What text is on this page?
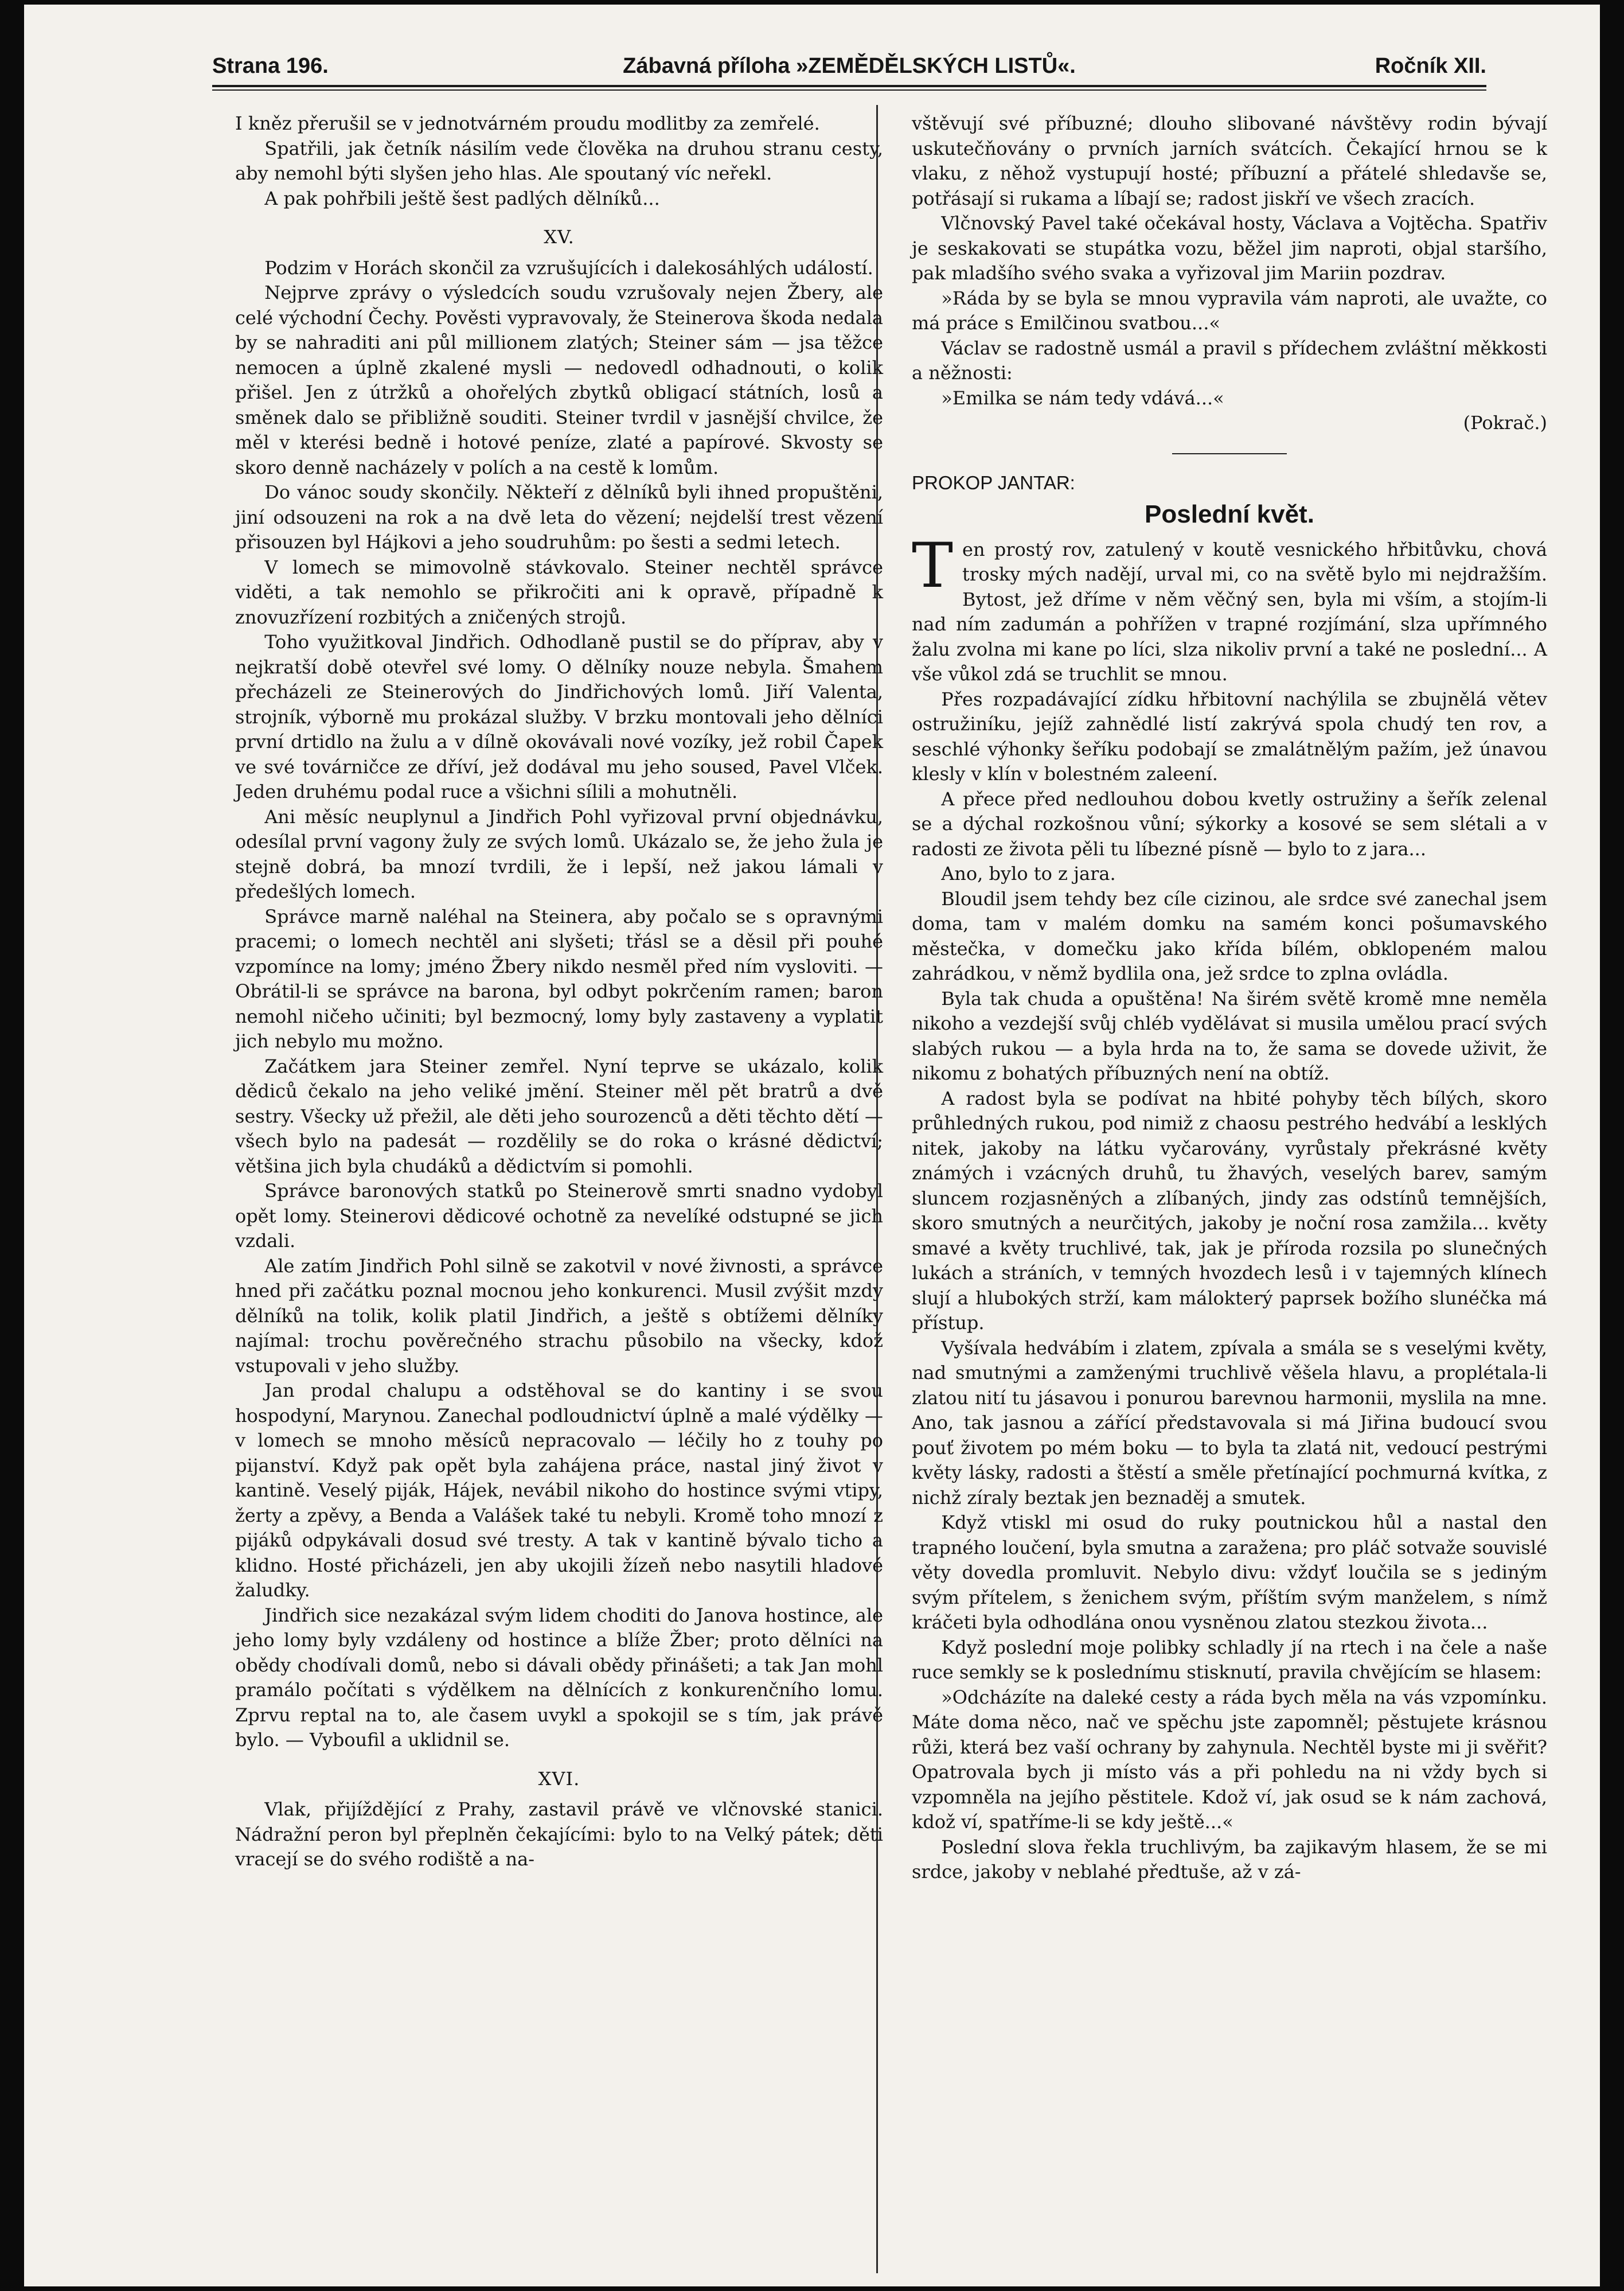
Strana 196.	Zábavná příloha »ZEMĚDĚLSKÝCH LISTŮ«.	Ročník XII.

I kněz přerušil se v jednotvárném proudu modlitby za zemřelé.

Spatřili, jak četník násilím vede člověka na druhou stranu cesty, aby nemohl býti slyšen jeho hlas. Ale spoutaný víc neřekl.

A pak pohřbili ještě šest padlých dělníků...

XV.

Podzim v Horách skončil za vzrušujících i dalekosáhlých událostí.

Nejprve zprávy o výsledcích soudu vzrušovaly nejen Žbery, ale celé východní Čechy. Pověsti vypravovaly, že Steinerova škoda nedala by se nahraditi ani půl millionem zlatých; Steiner sám — jsa těžce nemocen a úplně zkalené mysli — nedovedl odhadnouti, o kolik přišel. Jen z útržků a ohořelých zbytků obligací státních, losů a směnek dalo se přibližně souditi. Steiner tvrdil v jasnější chvilce, že měl v kterési bedně i hotové peníze, zlaté a papírové. Skvosty se skoro denně nacházely v polích a na cestě k lomům.

Do vánoc soudy skončily. Někteří z dělníků byli ihned propuštěni, jiní odsouzeni na rok a na dvě leta do vězení; nejdelší trest vězení přisouzen byl Hájkovi a jeho soudruhům: po šesti a sedmi letech.

V lomech se mimovolně stávkovalo. Steiner nechtěl správce viděti, a tak nemohlo se přikročiti ani k opravě, případně k znovuzřízení rozbitých a zničených strojů.

Toho využitkoval Jindřich. Odhodlaně pustil se do příprav, aby v nejkratší době otevřel své lomy. O dělníky nouze nebyla. Šmahem přecházeli ze Steinerových do Jindřichových lomů. Jiří Valenta, strojník, výborně mu prokázal služby. V brzku montovali jeho dělníci první drtidlo na žulu a v dílně okovávali nové vozíky, jež robil Čapek ve své továrničce ze dříví, jež dodával mu jeho soused, Pavel Vlček. Jeden druhému podal ruce a všichni sílili a mohutněli.

Ani měsíc neuplynul a Jindřich Pohl vyřizoval první objednávku, odesílal první vagony žuly ze svých lomů. Ukázalo se, že jeho žula je stejně dobrá, ba mnozí tvrdili, že i lepší, než jakou lámali v předešlých lomech.

Správce marně naléhal na Steinera, aby počalo se s opravnými pracemi; o lomech nechtěl ani slyšeti; třásl se a děsil při pouhé vzpomínce na lomy; jméno Žbery nikdo nesměl před ním vysloviti. — Obrátil-li se správce na barona, byl odbyt pokrčením ramen; baron nemohl ničeho učiniti; byl bezmocný, lomy byly zastaveny a vyplatit jich nebylo mu možno.

Začátkem jara Steiner zemřel. Nyní teprve se ukázalo, kolik dědiců čekalo na jeho veliké jmění. Steiner měl pět bratrů a dvě sestry. Všecky už přežil, ale děti jeho sourozenců a děti těchto dětí — všech bylo na padesát — rozdělily se do roka o krásné dědictví; většina jich byla chudáků a dědictvím si pomohli.

Správce baronových statků po Steinerově smrti snadno vydobyl opět lomy. Steinerovi dědicové ochotně za nevelíké odstupné se jich vzdali.

Ale zatím Jindřich Pohl silně se zakotvil v nové živnosti, a správce hned při začátku poznal mocnou jeho konkurenci. Musil zvýšit mzdy dělníků na tolik, kolik platil Jindřich, a ještě s obtížemi dělníky najímal: trochu pověrečného strachu působilo na všecky, kdož vstupovali v jeho služby.

Jan prodal chalupu a odstěhoval se do kantiny i se svou hospodyní, Marynou. Zanechal podloudnictví úplně a malé výdělky — v lomech se mnoho měsíců nepracovalo — léčily ho z touhy po pijanství. Když pak opět byla zahájena práce, nastal jiný život v kantině. Veselý piják, Hájek, nevábil nikoho do hostince svými vtipy, žerty a zpěvy, a Benda a Valášek také tu nebyli. Kromě toho mnozí z pijáků odpykávali dosud své tresty. A tak v kantině bývalo ticho a klidno. Hosté přicházeli, jen aby ukojili žízeň nebo nasytili hladové žaludky.

Jindřich sice nezakázal svým lidem choditi do Janova hostince, ale jeho lomy byly vzdáleny od hostince a blíže Žber; proto dělníci na obědy chodívali domů, nebo si dávali obědy přinášeti; a tak Jan mohl pramálo počítati s výdělkem na dělnících z konkurenčního lomu. Zprvu reptal na to, ale časem uvykl a spokojil se s tím, jak právě bylo. — Vyboufil a uklidnil se.

XVI.

Vlak, přijíždějící z Prahy, zastavil právě ve vlčnovské stanici. Nádražní peron byl přeplněn čekajícími: bylo to na Velký pátek; děti vracejí se do svého rodiště a na-

vštěvují své příbuzné; dlouho slibované návštěvy rodin bývají uskutečňovány o prvních jarních svátcích. Čekající hrnou se k vlaku, z něhož vystupují hosté; příbuzní a přátelé shledavše se, potřásají si rukama a líbají se; radost jiskří ve všech zracích.

Vlčnovský Pavel také očekával hosty, Václava a Vojtěcha. Spatřiv je seskakovati se stupátka vozu, běžel jim naproti, objal staršího, pak mladšího svého svaka a vyřizoval jim Mariin pozdrav.

»Ráda by se byla se mnou vypravila vám naproti, ale uvažte, co má práce s Emilčinou svatbou...«

Václav se radostně usmál a pravil s přídechem zvláštní měkkosti a něžnosti:

»Emilka se nám tedy vdává...«

(Pokrač.)

PROKOP JANTAR:

Poslední květ.

Ten prostý rov, zatulený v koutě vesnického hřbitůvku, chová trosky mých nadějí, urval mi, co na světě bylo mi nejdražším. Bytost, jež dříme v něm věčný sen, byla mi vším, a stojím-li nad ním zadumán a pohřížen v trapné rozjímání, slza upřímného žalu zvolna mi kane po líci, slza nikoliv první a také ne poslední... A vše vůkol zdá se truchlit se mnou.

Přes rozpadávající zídku hřbitovní nachýlila se zbujnělá větev ostružiníku, jejíž zahnědlé listí zakrývá spola chudý ten rov, a seschlé výhonky šeříku podobají se zmalátnělým pažím, jež únavou klesly v klín v bolestném zaleení.

A přece před nedlouhou dobou kvetly ostružiny a šeřík zelenal se a dýchal rozkošnou vůní; sýkorky a kosové se sem slétali a v radosti ze života pěli tu líbezné písně — bylo to z jara...

Ano, bylo to z jara.

Bloudil jsem tehdy bez cíle cizinou, ale srdce své zanechal jsem doma, tam v malém domku na samém konci pošumavského městečka, v domečku jako křída bílém, obklopeném malou zahrádkou, v němž bydlila ona, jež srdce to zplna ovládla.

Byla tak chuda a opuštěna! Na širém světě kromě mne neměla nikoho a vezdejší svůj chléb vydělávat si musila umělou prací svých slabých rukou — a byla hrda na to, že sama se dovede uživit, že nikomu z bohatých příbuzných není na obtíž.

A radost byla se podívat na hbité pohyby těch bílých, skoro průhledných rukou, pod nimiž z chaosu pestrého hedvábí a lesklých nitek, jakoby na látku vyčarovány, vyrůstaly překrásné květy známých i vzácných druhů, tu žhavých, veselých barev, samým sluncem rozjasněných a zlíbaných, jindy zas odstínů temnějších, skoro smutných a neurčitých, jakoby je noční rosa zamžila... květy smavé a květy truchlivé, tak, jak je příroda rozsila po slunečných lukách a stráních, v temných hvozdech lesů i v tajemných klínech slují a hlubokých strží, kam málokterý paprsek božího slunéčka má přístup.

Vyšívala hedvábím i zlatem, zpívala a smála se s veselými květy, nad smutnými a zamženými truchlivě věšela hlavu, a proplétala-li zlatou nití tu jásavou i ponurou barevnou harmonii, myslila na mne. Ano, tak jasnou a zářící představovala si má Jiřina budoucí svou pouť životem po mém boku — to byla ta zlatá nit, vedoucí pestrými květy lásky, radosti a štěstí a směle přetínající pochmurná kvítka, z nichž zíraly beztak jen beznaděj a smutek.

Když vtiskl mi osud do ruky poutnickou hůl a nastal den trapného loučení, byla smutna a zaražena; pro pláč sotvaže souvislé věty dovedla promluvit. Nebylo divu: vždyť loučila se s jediným svým přítelem, s ženichem svým, příštím svým manželem, s nímž kráčeti byla odhodlána onou vysněnou zlatou stezkou života...

Když poslední moje polibky schladly jí na rtech i na čele a naše ruce semkly se k poslednímu stisknutí, pravila chvějícím se hlasem:

»Odcházíte na daleké cesty a ráda bych měla na vás vzpomínku. Máte doma něco, nač ve spěchu jste zapomněl; pěstujete krásnou růži, která bez vaší ochrany by zahynula. Nechtěl byste mi ji svěřit? Opatrovala bych ji místo vás a při pohledu na ni vždy bych si vzpomněla na jejího pěstitele. Kdož ví, jak osud se k nám zachová, kdož ví, spatříme-li se kdy ještě...«

Poslední slova řekla truchlivým, ba zajikavým hlasem, že se mi srdce, jakoby v neblahé předtuše, až v zá-
